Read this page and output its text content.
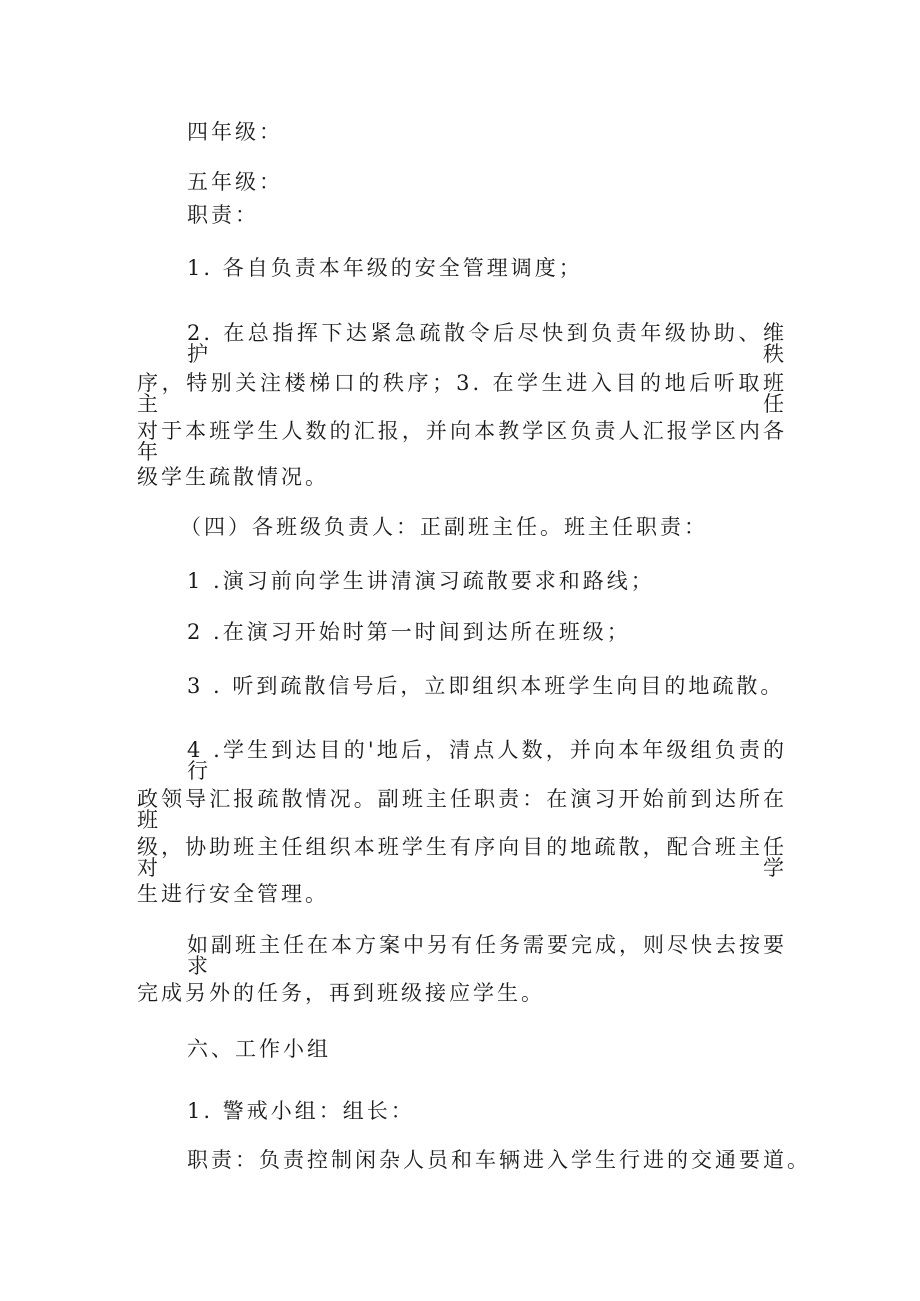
四年级：
五年级：
职责：
1. 各自负责本年级的安全管理调度；
2. 在总指挥下达紧急疏散令后尽快到负责年级协助、维护秩
序，特别关注楼梯口的秩序；3. 在学生进入目的地后听取班主任
对于本班学生人数的汇报，并向本教学区负责人汇报学区内各年
级学生疏散情况。
（四）各班级负责人：正副班主任。班主任职责：
1 .演习前向学生讲清演习疏散要求和路线；
2 .在演习开始时第一时间到达所在班级；
3 . 听到疏散信号后，立即组织本班学生向目的地疏散。
4 .学生到达目的'地后，清点人数，并向本年级组负责的行
政领导汇报疏散情况。副班主任职责：在演习开始前到达所在班
级，协助班主任组织本班学生有序向目的地疏散，配合班主任对学
生进行安全管理。
如副班主任在本方案中另有任务需要完成，则尽快去按要求
完成另外的任务，再到班级接应学生。
六、工作小组
1. 警戒小组：组长：
职责：负责控制闲杂人员和车辆进入学生行进的交通要道。
